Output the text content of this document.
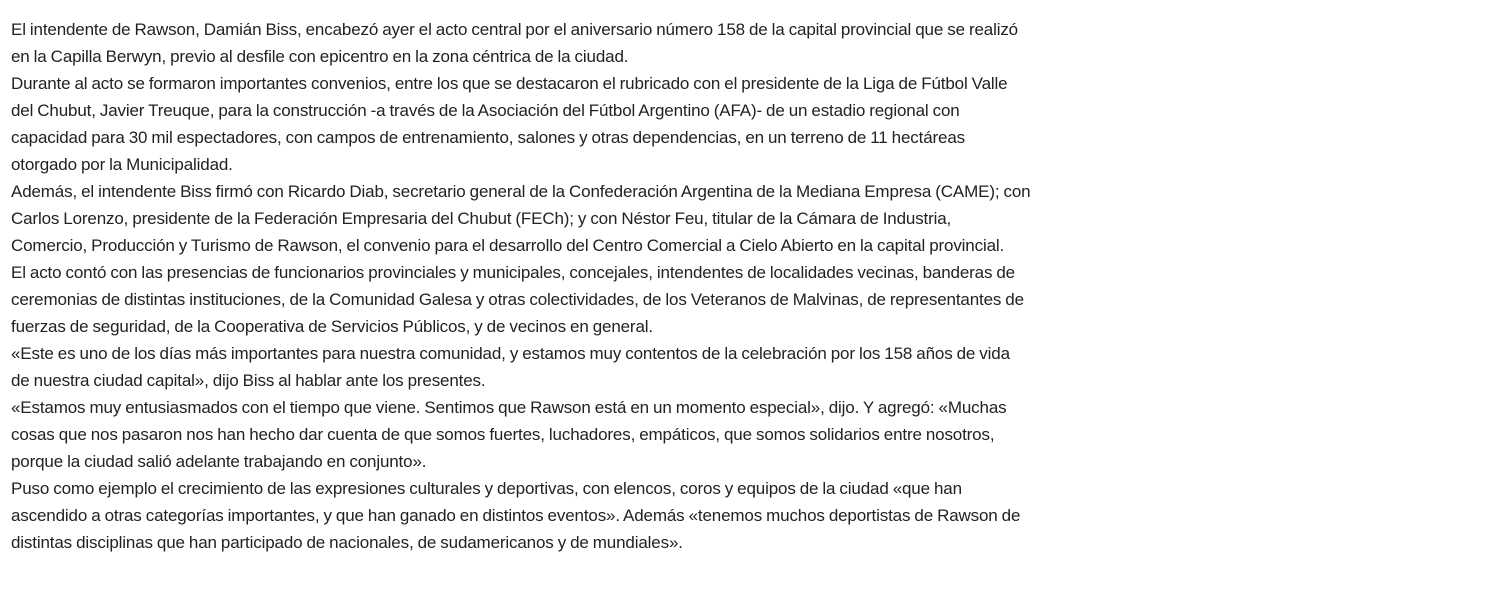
El intendente de Rawson, Damián Biss, encabezó ayer el acto central por el aniversario número 158 de la capital provincial que se realizó en la Capilla Berwyn, previo al desfile con epicentro en la zona céntrica de la ciudad.

Durante al acto se formaron importantes convenios, entre los que se destacaron el rubricado con el presidente de la Liga de Fútbol Valle del Chubut, Javier Treuque, para la construcción -a través de la Asociación del Fútbol Argentino (AFA)- de un estadio regional con capacidad para 30 mil espectadores, con campos de entrenamiento, salones y otras dependencias, en un terreno de 11 hectáreas otorgado por la Municipalidad.

Además, el intendente Biss firmó con Ricardo Diab, secretario general de la Confederación Argentina de la Mediana Empresa (CAME); con Carlos Lorenzo, presidente de la Federación Empresaria del Chubut (FECh); y con Néstor Feu, titular de la Cámara de Industria, Comercio, Producción y Turismo de Rawson, el convenio para el desarrollo del Centro Comercial a Cielo Abierto en la capital provincial.

El acto contó con las presencias de funcionarios provinciales y municipales, concejales, intendentes de localidades vecinas, banderas de ceremonias de distintas instituciones, de la Comunidad Galesa y otras colectividades, de los Veteranos de Malvinas, de representantes de fuerzas de seguridad, de la Cooperativa de Servicios Públicos, y de vecinos en general.

«Este es uno de los días más importantes para nuestra comunidad, y estamos muy contentos de la celebración por los 158 años de vida de nuestra ciudad capital», dijo Biss al hablar ante los presentes.

«Estamos muy entusiasmados con el tiempo que viene. Sentimos que Rawson está en un momento especial», dijo. Y agregó: «Muchas cosas que nos pasaron nos han hecho dar cuenta de que somos fuertes, luchadores, empáticos, que somos solidarios entre nosotros, porque la ciudad salió adelante trabajando en conjunto».

Puso como ejemplo el crecimiento de las expresiones culturales y deportivas, con elencos, coros y equipos de la ciudad «que han ascendido a otras categorías importantes, y que han ganado en distintos eventos». Además «tenemos muchos deportistas de Rawson de distintas disciplinas que han participado de nacionales, de sudamericanos y de mundiales».
